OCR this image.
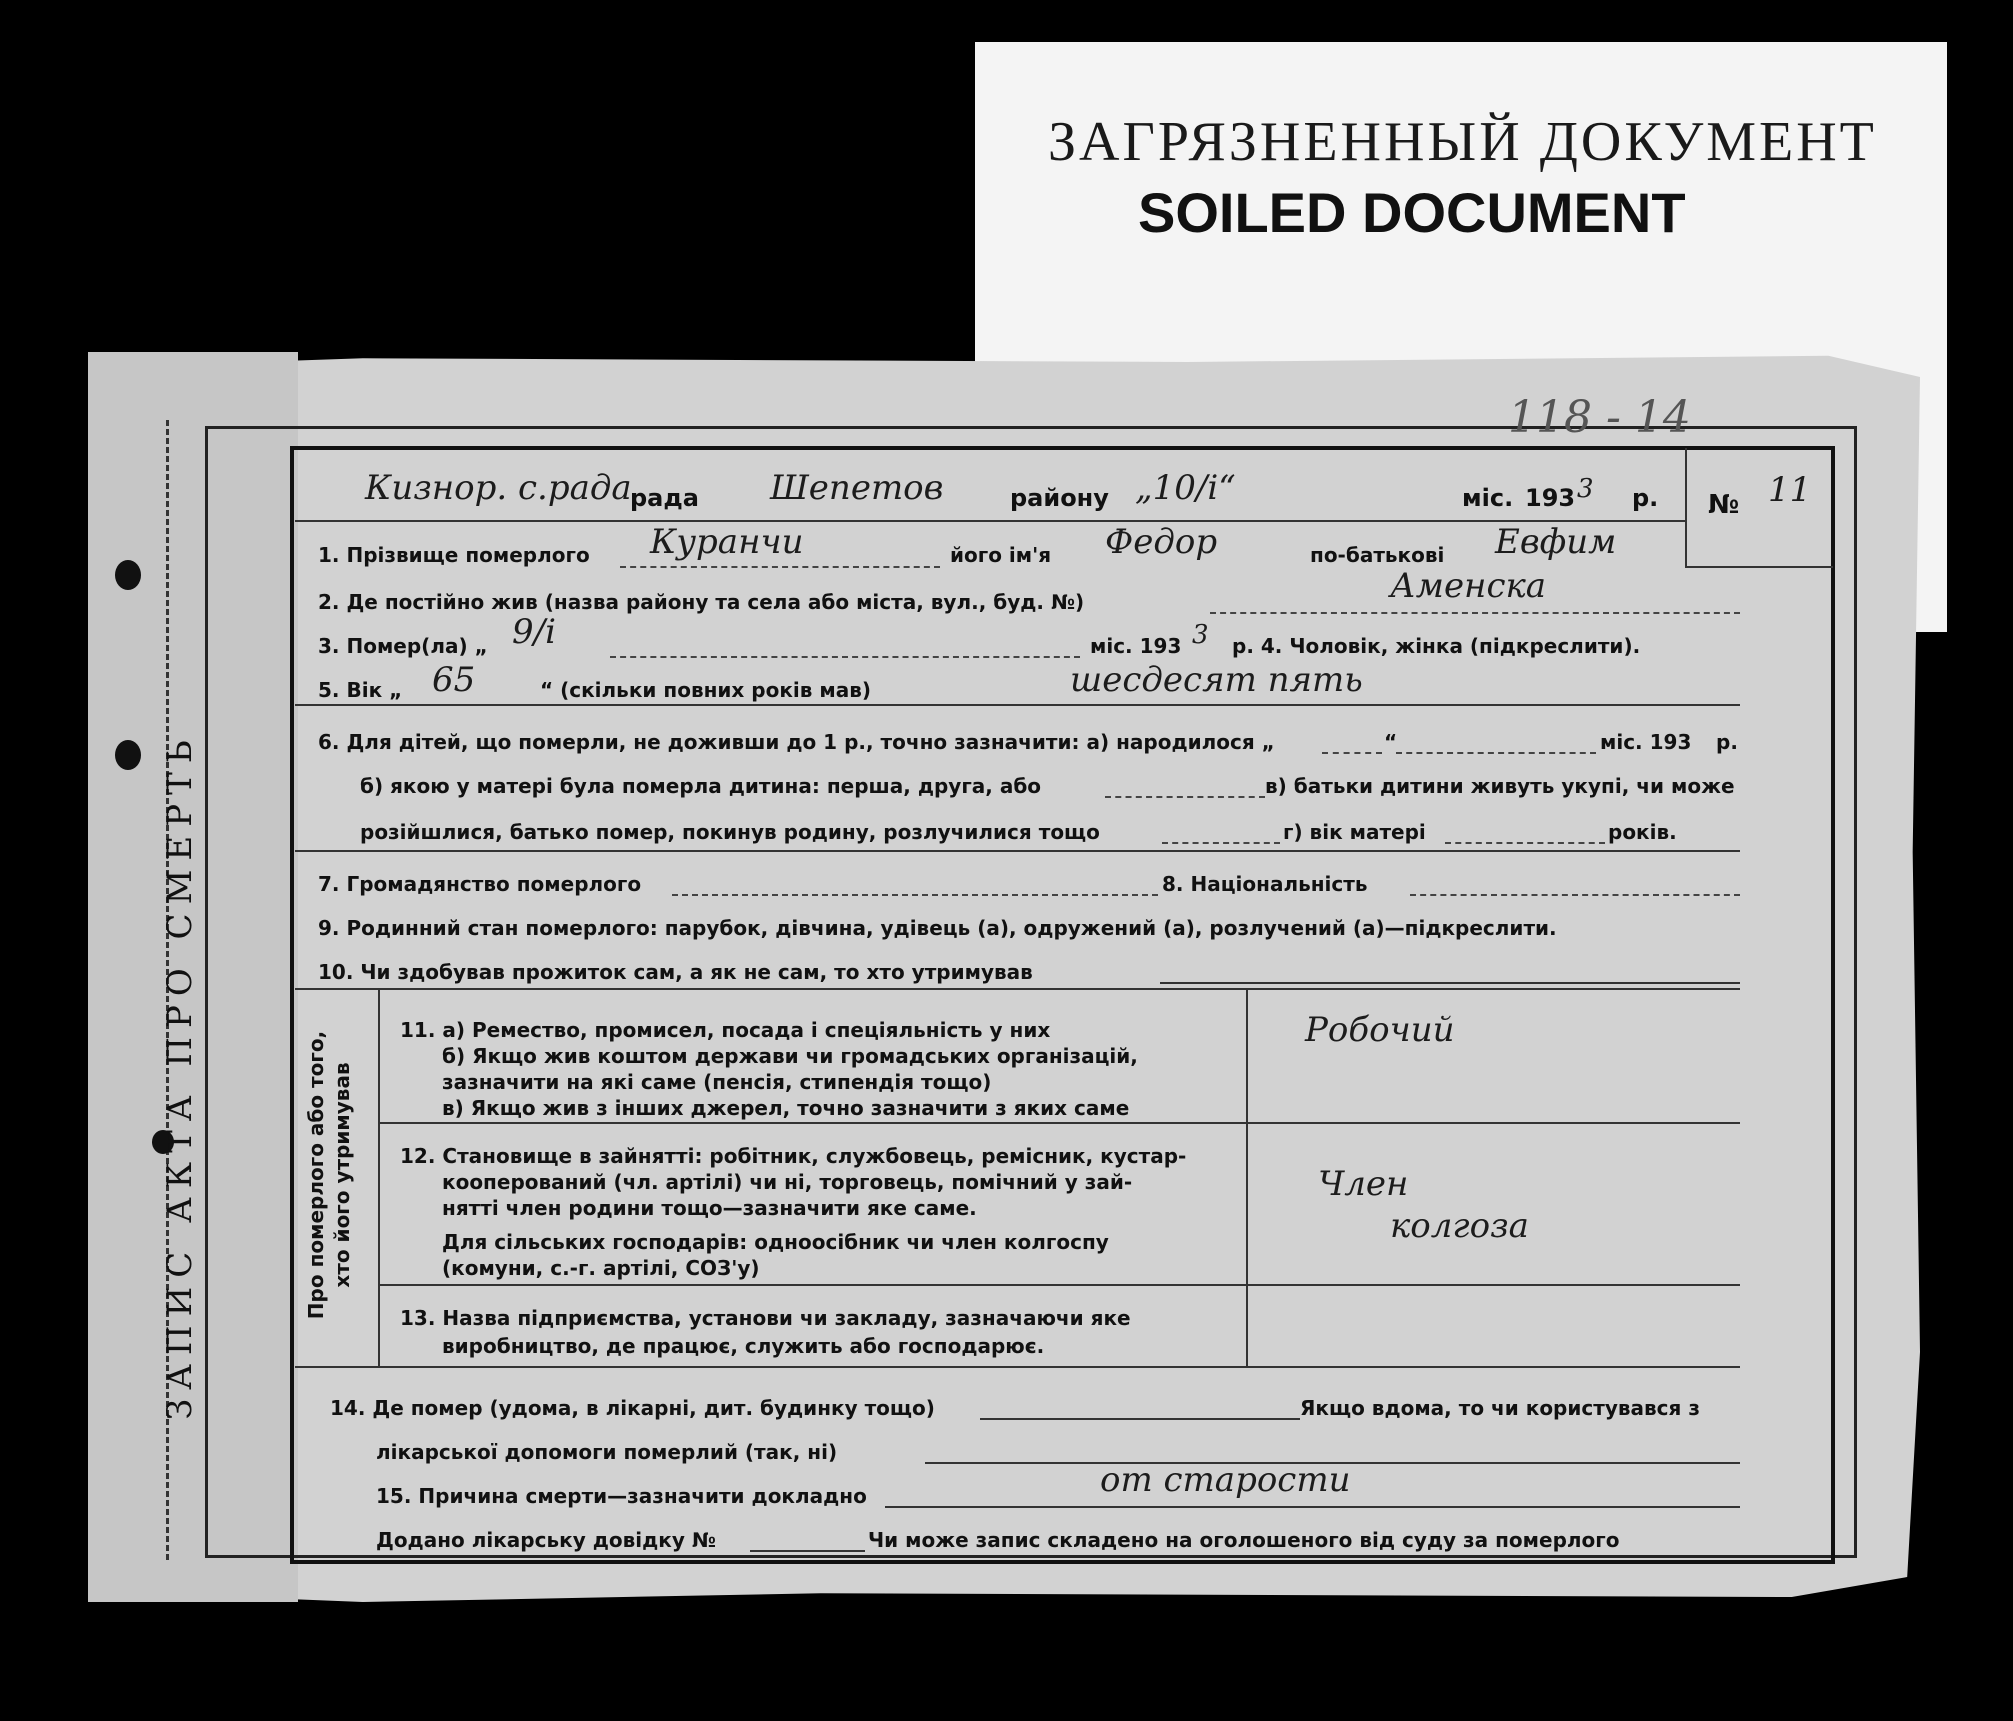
ЗАГРЯЗНЕННЫЙ ДОКУМЕНТ
SOILED DOCUMENT
ЗАПИС АКТА ПРО СМЕРТЬ	Про померлого або того, хто його утримував
118 - 14
Кизнор. с.рада
рада Шепетов	району „10/і“	міс. 193 3 р. № 11
1. Прізвище померлого Куранчи	його ім'я Федор	по-батькові Евфим
2. Де постійно жив (назва району та села або міста, вул., буд. №)	Аменска
3. Помер(ла) „ 9/і	міс. 193 3 р. 4. Чоловік, жінка (підкреслити).
5. Вік „ 65	“ (скільки повних років мав)	шесдесят пять
6. Для дітей, що померли, не доживши до 1 р., точно зазначити: а) народилося „	“	міс. 193 р.
б) якою у матері була померла дитина: перша, друга, або	в) батьки дитини живуть укупі, чи може
розійшлися, батько помер, покинув родину, розлучилися тощо	г) вік матері	років.
7. Громадянство померлого	8. Національність
9. Родинний стан померлого: парубок, дівчина, удівець (а), одружений (а), розлучений (а)—підкреслити.
10. Чи здобував прожиток сам, а як не сам, то хто утримував
11. а) Ремество, промисел, посада і спеціяльність у них
б) Якщо жив коштом держави чи громадських організацій,
зазначити на які саме (пенсія, стипендія тощо)
в) Якщо жив з інших джерел, точно зазначити з яких саме
Робочий
12. Становище в зайнятті: робітник, службовець, ремісник, кустар-
кооперований (чл. артілі) чи ні, торговець, помічний у зай-
нятті член родини тощо—зазначити яке саме.
Для сільських господарів: одноосібник чи член колгоспу
(комуни, с.-г. артілі, СОЗ'у)
Член
колгоза
13. Назва підприємства, установи чи закладу, зазначаючи яке
виробництво, де працює, служить або господарює.
14. Де помер (удома, в лікарні, дит. будинку тощо)	Якщо вдома, то чи користувався з
лікарської допомоги померлий (так, ні)
15. Причина смерти—зазначити докладно	от старости
Додано лікарську довідку №	Чи може запис складено на оголошеного від суду за померлого
